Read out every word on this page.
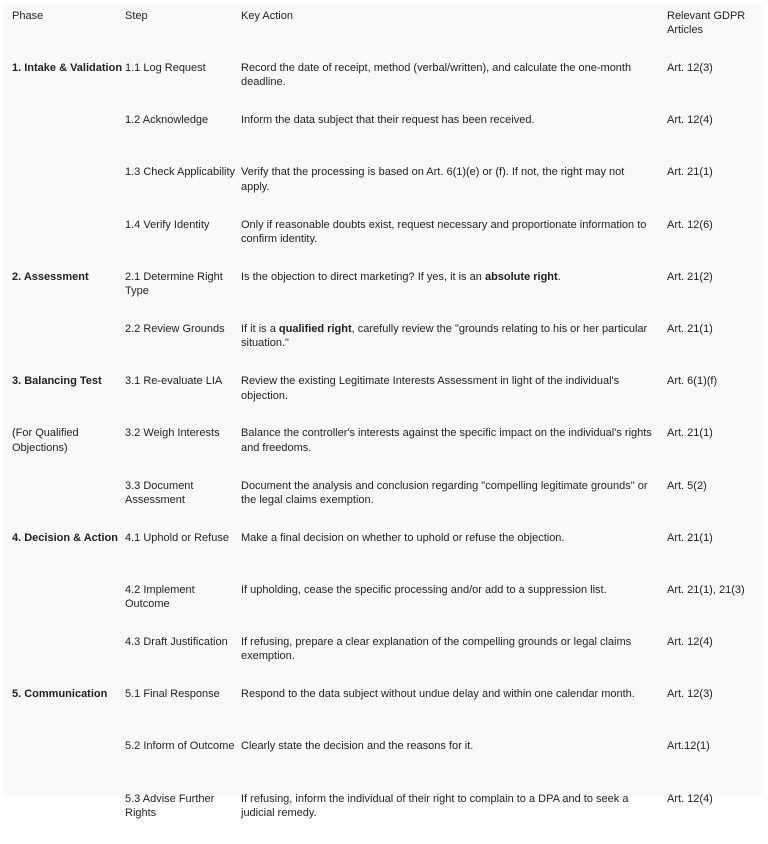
Phase	Step	Key Action	Relevant GDPR Articles
1. Intake & Validation	1.1 Log Request	Record the date of receipt, method (verbal/written), and calculate the one-month deadline.	Art. 12(3)
	1.2 Acknowledge	Inform the data subject that their request has been received.	Art. 12(4)
	1.3 Check Applicability	Verify that the processing is based on Art. 6(1)(e) or (f). If not, the right may not apply.	Art. 21(1)
	1.4 Verify Identity	Only if reasonable doubts exist, request necessary and proportionate information to confirm identity.	Art. 12(6)
2. Assessment	2.1 Determine Right Type	Is the objection to direct marketing? If yes, it is an absolute right.	Art. 21(2)
	2.2 Review Grounds	If it is a qualified right, carefully review the "grounds relating to his or her particular situation."	Art. 21(1)
3. Balancing Test	3.1 Re-evaluate LIA	Review the existing Legitimate Interests Assessment in light of the individual's objection.	Art. 6(1)(f)
(For Qualified Objections)	3.2 Weigh Interests	Balance the controller's interests against the specific impact on the individual's rights and freedoms.	Art. 21(1)
	3.3 Document Assessment	Document the analysis and conclusion regarding "compelling legitimate grounds" or the legal claims exemption.	Art. 5(2)
4. Decision & Action	4.1 Uphold or Refuse	Make a final decision on whether to uphold or refuse the objection.	Art. 21(1)
	4.2 Implement Outcome	If upholding, cease the specific processing and/or add to a suppression list.	Art. 21(1), 21(3)
	4.3 Draft Justification	If refusing, prepare a clear explanation of the compelling grounds or legal claims exemption.	Art. 12(4)
5. Communication	5.1 Final Response	Respond to the data subject without undue delay and within one calendar month.	Art. 12(3)
	5.2 Inform of Outcome	Clearly state the decision and the reasons for it.	Art.12(1)
	5.3 Advise Further Rights	If refusing, inform the individual of their right to complain to a DPA and to seek a judicial remedy.	Art. 12(4)
